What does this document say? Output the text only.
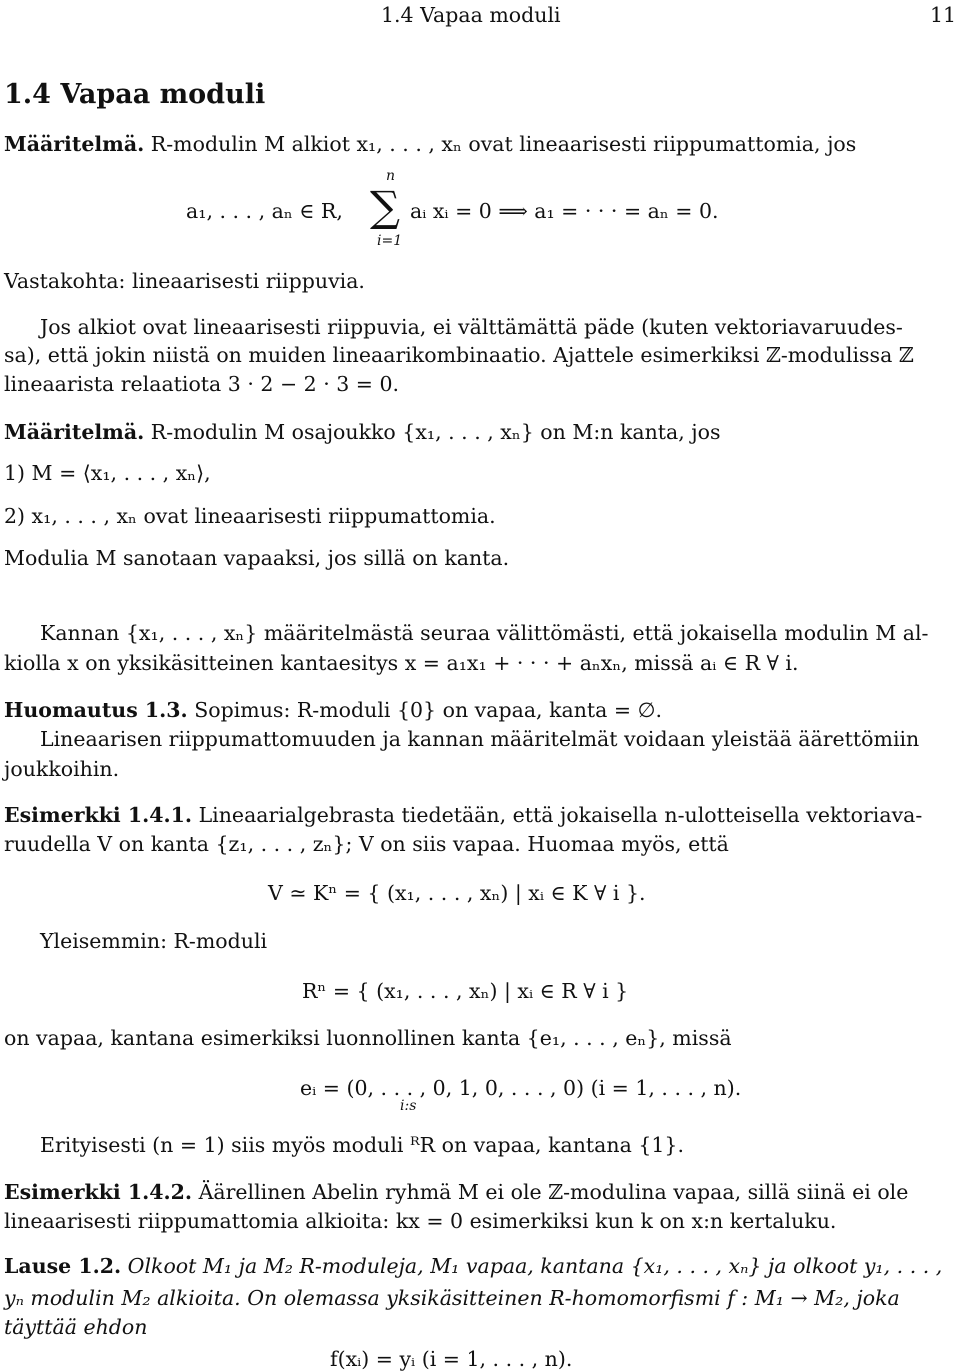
1.4 Vapaa moduli	11
1.4 Vapaa moduli
Määritelmä. R-modulin M alkiot x₁, . . . , xₙ ovat lineaarisesti riippumattomia, jos
a₁, . . . , aₙ ∈ R,
n
∑
i=1
aᵢ xᵢ = 0 ⟹ a₁ = · · · = aₙ = 0.
Vastakohta: lineaarisesti riippuvia.
Jos alkiot ovat lineaarisesti riippuvia, ei välttämättä päde (kuten vektoriavaruudes-
sa), että jokin niistä on muiden lineaarikombinaatio. Ajattele esimerkiksi ℤ-modulissa ℤ
lineaarista relaatiota 3 · 2 − 2 · 3 = 0.
Määritelmä. R-modulin M osajoukko {x₁, . . . , xₙ} on M:n kanta, jos
1) M = ⟨x₁, . . . , xₙ⟩,
2) x₁, . . . , xₙ ovat lineaarisesti riippumattomia.
Modulia M sanotaan vapaaksi, jos sillä on kanta.
Kannan {x₁, . . . , xₙ} määritelmästä seuraa välittömästi, että jokaisella modulin M al-
kiolla x on yksikäsitteinen kantaesitys x = a₁x₁ + · · · + aₙxₙ, missä aᵢ ∈ R ∀ i.
Huomautus 1.3. Sopimus: R-moduli {0} on vapaa, kanta = ∅.
Lineaarisen riippumattomuuden ja kannan määritelmät voidaan yleistää äärettömiin
joukkoihin.
Esimerkki 1.4.1. Lineaarialgebrasta tiedetään, että jokaisella n-ulotteisella vektoriava-
ruudella V on kanta {z₁, . . . , zₙ}; V on siis vapaa. Huomaa myös, että
V ≃ Kⁿ = { (x₁, . . . , xₙ) | xᵢ ∈ K ∀ i }.
Yleisemmin: R-moduli
Rⁿ = { (x₁, . . . , xₙ) | xᵢ ∈ R ∀ i }
on vapaa, kantana esimerkiksi luonnollinen kanta {e₁, . . . , eₙ}, missä
eᵢ = (0, . . . , 0, 1, 0, . . . , 0) (i = 1, . . . , n).
i:s
Erityisesti (n = 1) siis myös moduli ᴿR on vapaa, kantana {1}.
Esimerkki 1.4.2. Äärellinen Abelin ryhmä M ei ole ℤ-modulina vapaa, sillä siinä ei ole
lineaarisesti riippumattomia alkioita: kx = 0 esimerkiksi kun k on x:n kertaluku.
Lause 1.2. Olkoot M₁ ja M₂ R-moduleja, M₁ vapaa, kantana {x₁, . . . , xₙ} ja olkoot y₁, . . . ,
yₙ modulin M₂ alkioita. On olemassa yksikäsitteinen R-homomorfismi f : M₁ → M₂, joka
täyttää ehdon
f(xᵢ) = yᵢ (i = 1, . . . , n).
